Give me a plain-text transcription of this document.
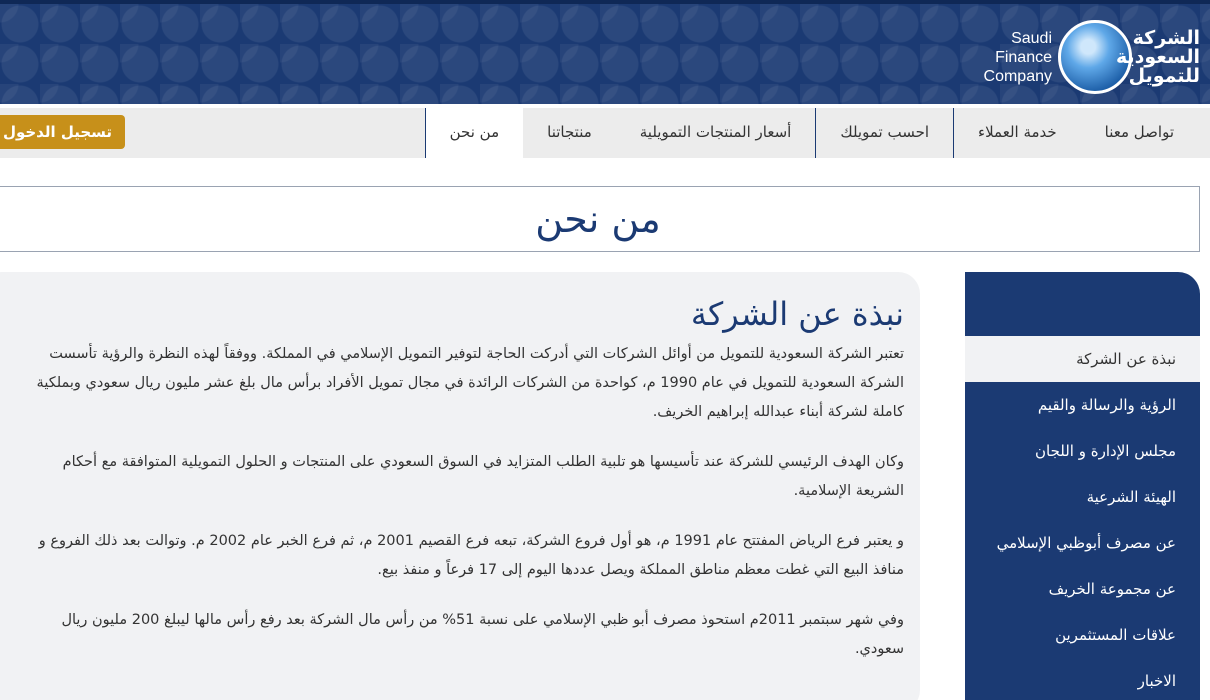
الشركة
السعودية
للتمويل
Saudi
Finance
Company
من نحن	منتجاتنا	أسعار المنتجات التمويلية	احسب تمويلك	خدمة العملاء	تواصل معنا
تسجيل الدخول
من نحن
نبذة عن الشركة

تعتبر الشركة السعودية للتمويل من أوائل الشركات التي أدركت الحاجة لتوفير التمويل الإسلامي في المملكة. ووفقاً لهذه النظرة والرؤية تأسست الشركة السعودية للتمويل في عام 1990 م، كواحدة من الشركات الرائدة في مجال تمويل الأفراد برأس مال بلغ عشر مليون ريال سعودي وبملكية كاملة لشركة أبناء عبدالله إبراهيم الخريف.

وكان الهدف الرئيسي للشركة عند تأسيسها هو تلبية الطلب المتزايد في السوق السعودي على المنتجات و الحلول التمويلية المتوافقة مع أحكام الشريعة الإسلامية.

و يعتبر فرع الرياض المفتتح عام 1991 م، هو أول فروع الشركة، تبعه فرع القصيم 2001 م، ثم فرع الخبر عام 2002 م. وتوالت بعد ذلك الفروع و منافذ البيع التي غطت معظم مناطق المملكة ويصل عددها اليوم إلى 17 فرعاً و منفذ بيع.

وفي شهر سبتمبر 2011م استحوذ مصرف أبو ظبي الإسلامي على نسبة 51% من رأس مال الشركة بعد رفع رأس مالها ليبلغ 200 مليون ريال سعودي.

نبذة عن الشركة
الرؤية والرسالة والقيم
مجلس الإدارة و اللجان
الهيئة الشرعية
عن مصرف أبوظبي الإسلامي
عن مجموعة الخريف
علاقات المستثمرين
الاخبار
